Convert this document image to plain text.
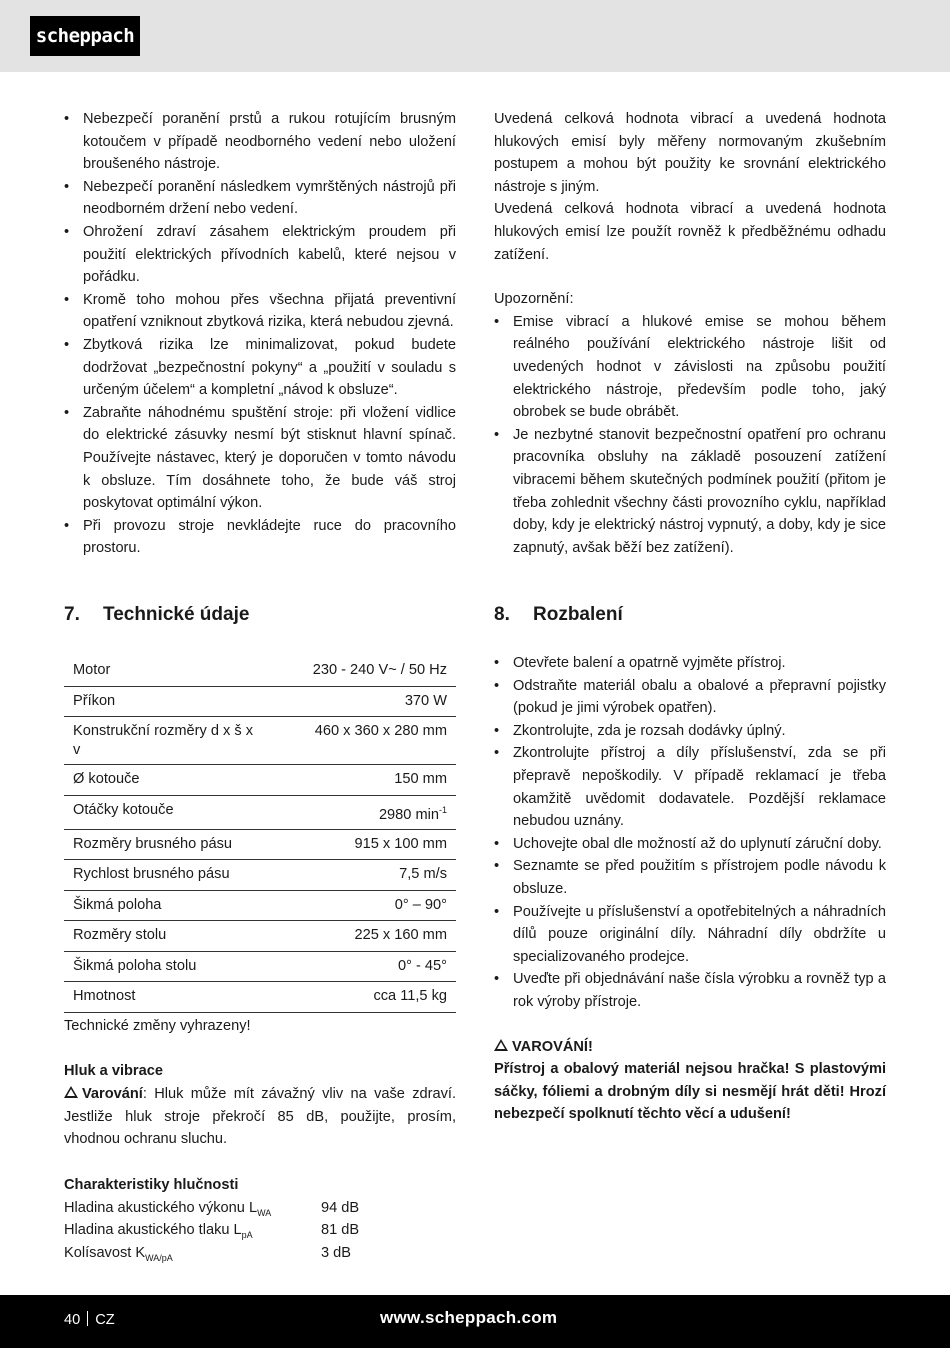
scheppach
• Nebezpečí poranění prstů a rukou rotujícím brusným kotoučem v případě neodborného vedení nebo uložení broušeného nástroje.
• Nebezpečí poranění následkem vymrštěných nástrojů při neodborném držení nebo vedení.
• Ohrožení zdraví zásahem elektrickým proudem při použití elektrických přívodních kabelů, které nejsou v pořádku.
• Kromě toho mohou přes všechna přijatá preventivní opatření vzniknout zbytková rizika, která nebudou zjevná.
• Zbytková rizika lze minimalizovat, pokud budete dodržovat „bezpečnostní pokyny“ a „použití v souladu s určeným účelem“ a kompletní „návod k obsluze“.
• Zabraňte náhodnému spuštění stroje: při vložení vidlice do elektrické zásuvky nesmí být stisknut hlavní spínač. Používejte nástavec, který je doporučen v tomto návodu k obsluze. Tím dosáhnete toho, že bude váš stroj poskytovat optimální výkon.
• Při provozu stroje nevkládejte ruce do pracovního prostoru.
7. Technické údaje
Motor	230 - 240 V~ / 50 Hz
Příkon	370 W
Konstrukční rozměry d x š x v	460 x 360 x 280 mm
Ø kotouče	150 mm
Otáčky kotouče	2980 $\min^{-1}$
Rozměry brusného pásu	915 x 100 mm
Rychlost brusného pásu	7,5 m/s
Šikmá poloha	0° – 90°
Rozměry stolu	225 x 160 mm
Šikmá poloha stolu	0° - 45°
Hmotnost	cca 11,5 kg
Technické změny vyhrazeny!
Hluk a vibrace

Varování: Hluk může mít závažný vliv na vaše zdraví. Jestliže hluk stroje překročí 85 dB, použijte, prosím, vhodnou ochranu sluchu.

Charakteristiky hlučnosti
Hladina akustického výkonu $L_{WA}$	94 dB
Hladina akustického tlaku $L_{pA}$	81 dB
Kolísavost $K_{WA/pA}$	3 dB

Uvedená celková hodnota vibrací a uvedená hodnota hlukových emisí byly měřeny normovaným zkušebním postupem a mohou být použity ke srovnání elektrického nástroje s jiným.

Uvedená celková hodnota vibrací a uvedená hodnota hlukových emisí lze použít rovněž k předběžnému odhadu zatížení.

Upozornění:

• Emise vibrací a hlukové emise se mohou během reálného používání elektrického nástroje lišit od uvedených hodnot v závislosti na způsobu použití elektrického nástroje, především podle toho, jaký obrobek se bude obrábět.
• Je nezbytné stanovit bezpečnostní opatření pro ochranu pracovníka obsluhy na základě posouzení zatížení vibracemi během skutečných podmínek použití (přitom je třeba zohlednit všechny části provozního cyklu, například doby, kdy je elektrický nástroj vypnutý, a doby, kdy je sice zapnutý, avšak běží bez zatížení).
8. Rozbalení
• Otevřete balení a opatrně vyjměte přístroj.
• Odstraňte materiál obalu a obalové a přepravní pojistky (pokud je jimi výrobek opatřen).
• Zkontrolujte, zda je rozsah dodávky úplný.
• Zkontrolujte přístroj a díly příslušenství, zda se při přepravě nepoškodily. V případě reklamací je třeba okamžitě uvědomit dodavatele. Pozdější reklamace nebudou uznány.
• Uchovejte obal dle možností až do uplynutí záruční doby.
• Seznamte se před použitím s přístrojem podle návodu k obsluze.
• Používejte u příslušenství a opotřebitelných a náhradních dílů pouze originální díly. Náhradní díly obdržíte u specializovaného prodejce.
• Uveďte při objednávání naše čísla výrobku a rovněž typ a rok výroby přístroje.
VAROVÁNÍ!

Přístroj a obalový materiál nejsou hračka! S plastovými sáčky, fóliemi a drobným díly si nesmějí hrát děti! Hrozí nebezpečí spolknutí těchto věcí a udušení!

40 CZ	www.scheppach.com
